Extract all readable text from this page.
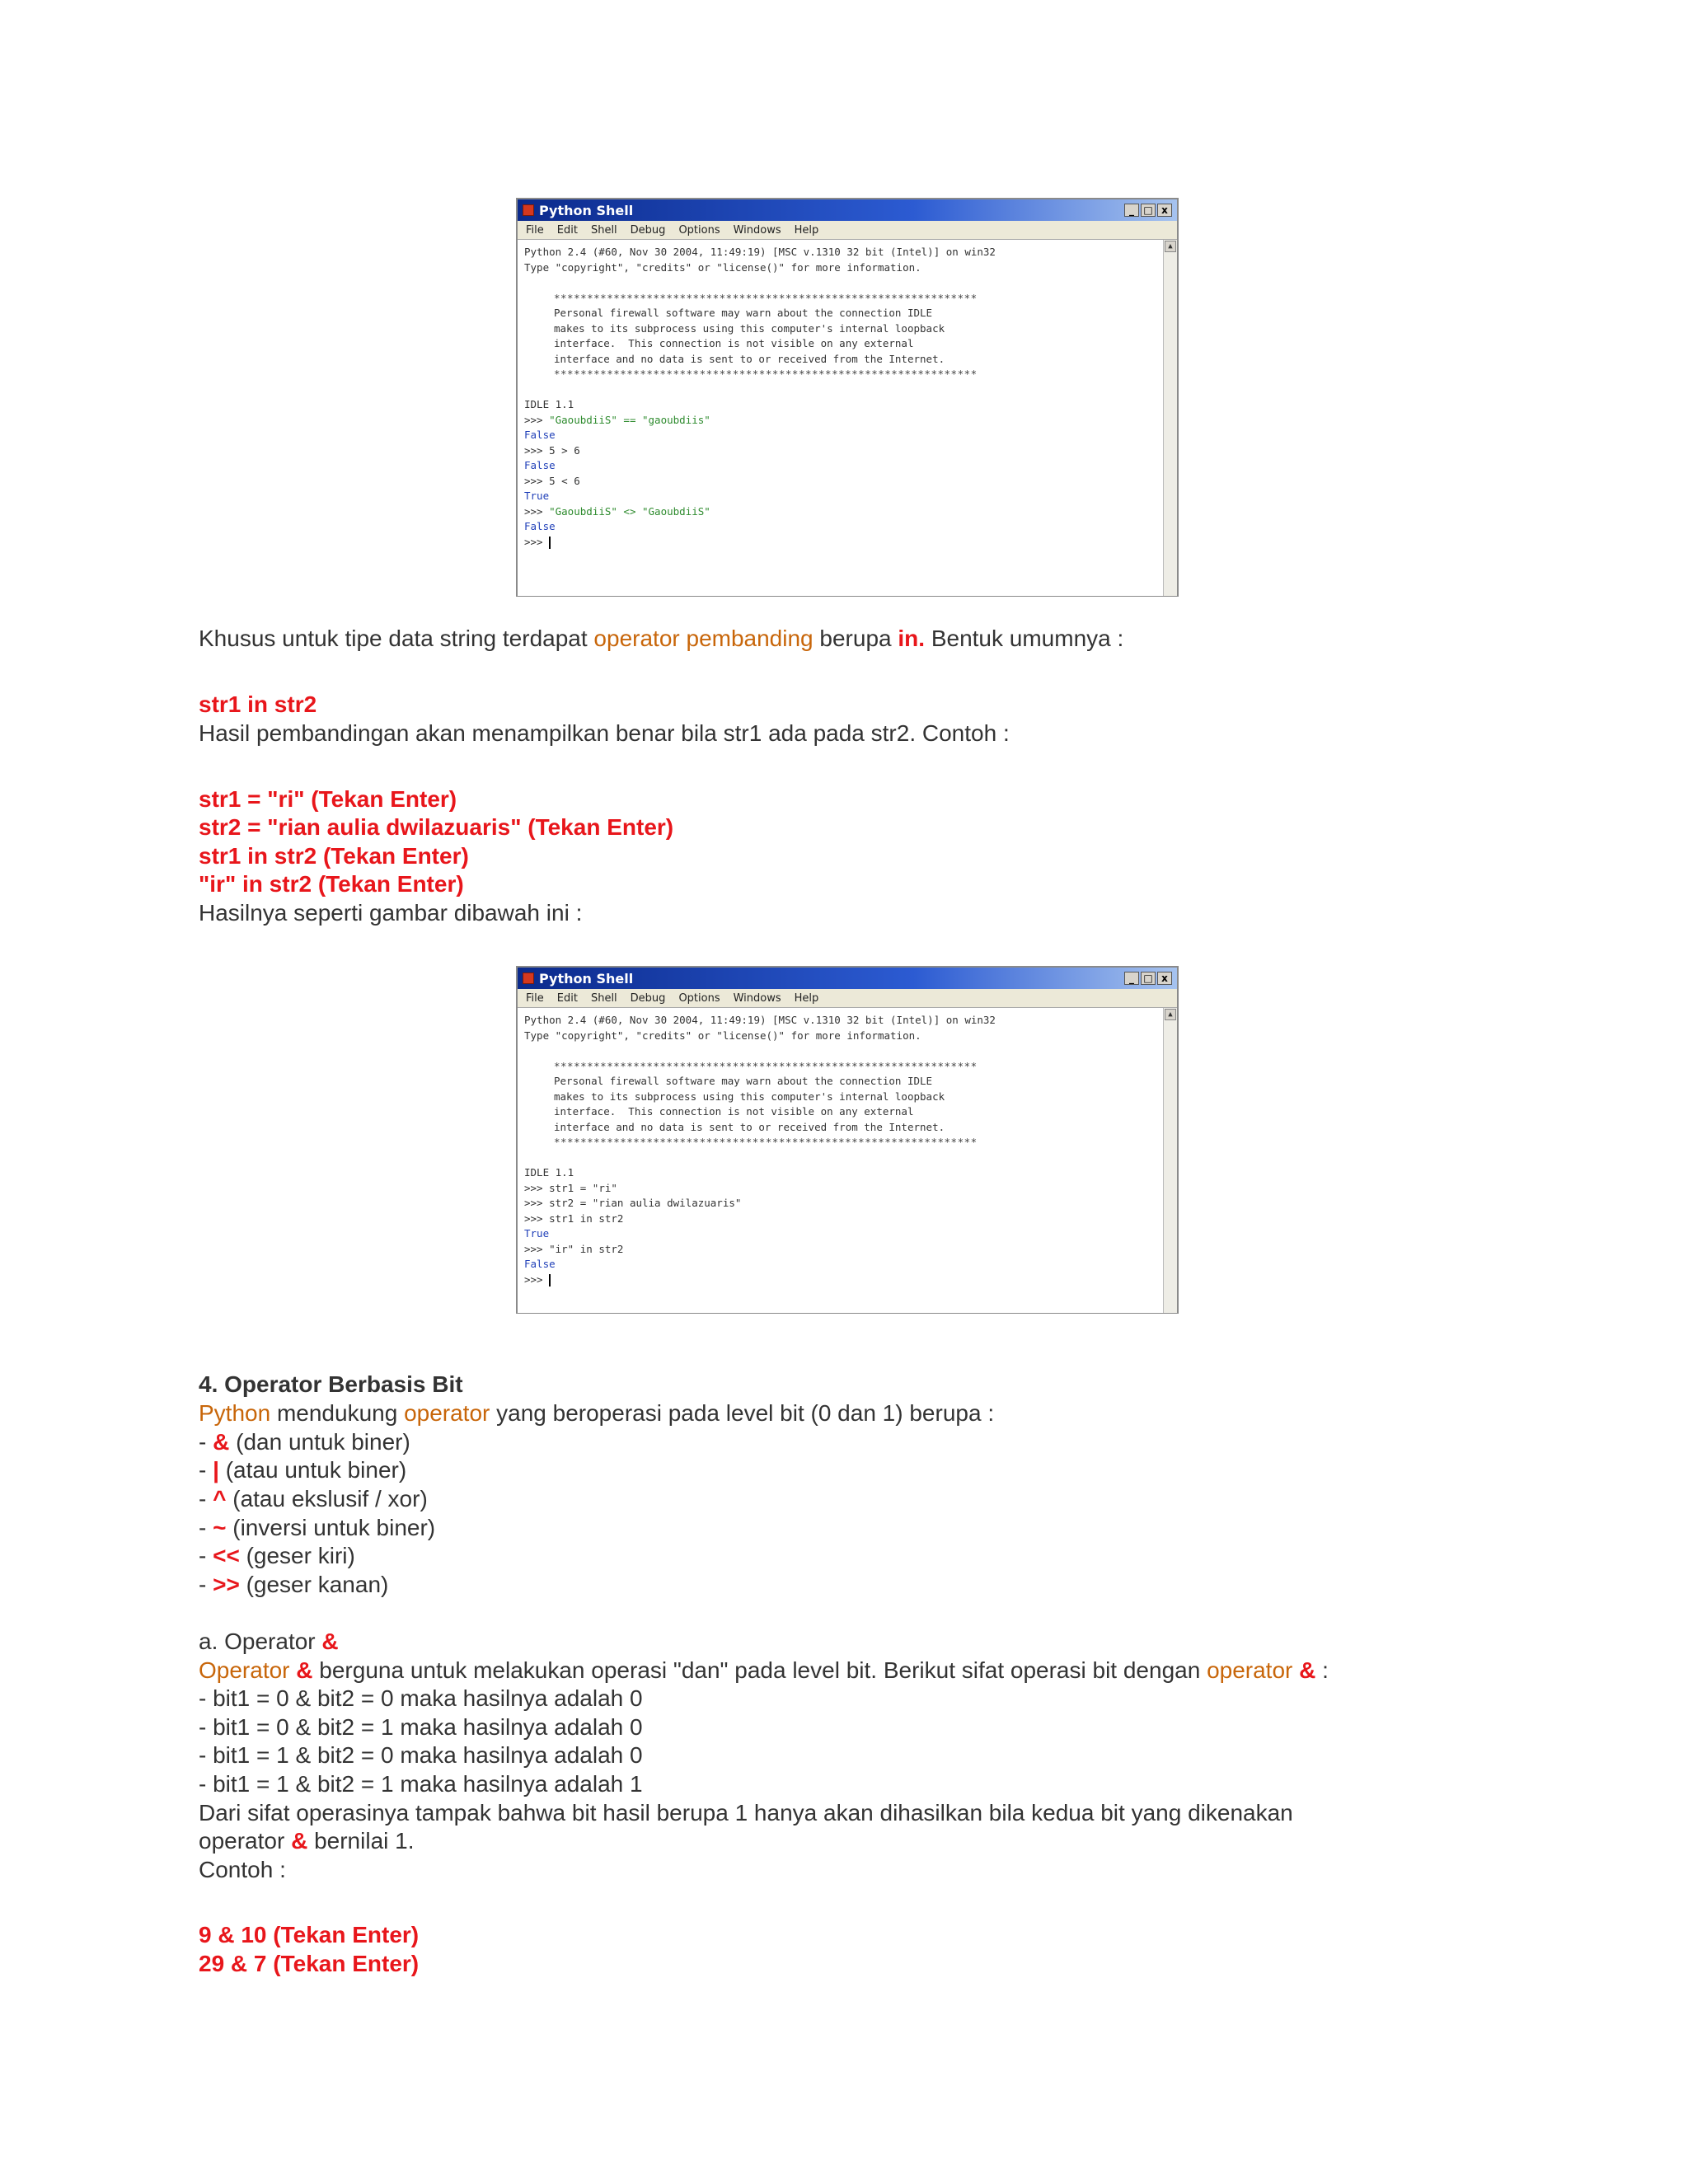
Python Shell	_ □ x
File Edit Shell Debug Options Windows Help
▲
Python 2.4 (#60, Nov 30 2004, 11:49:19) [MSC v.1310 32 bit (Intel)] on win32
Type "copyright", "credits" or "license()" for more information.
****************************************************************
Personal firewall software may warn about the connection IDLE
makes to its subprocess using this computer's internal loopback
interface.  This connection is not visible on any external
interface and no data is sent to or received from the Internet.
****************************************************************
IDLE 1.1
>>> "GaoubdiiS" == "gaoubdiis"
False
>>> 5 > 6
False
>>> 5 < 6
True
>>> "GaoubdiiS" <> "GaoubdiiS"
False
>>>
Khusus untuk tipe data string terdapat operator pembanding berupa in. Bentuk umumnya :
str1 in str2
Hasil pembandingan akan menampilkan benar bila str1 ada pada str2. Contoh :
str1 = "ri" (Tekan Enter)
str2 = "rian aulia dwilazuaris" (Tekan Enter)
str1 in str2 (Tekan Enter)
"ir" in str2 (Tekan Enter)
Hasilnya seperti gambar dibawah ini :
Python Shell	_ □ x
File Edit Shell Debug Options Windows Help
▲
Python 2.4 (#60, Nov 30 2004, 11:49:19) [MSC v.1310 32 bit (Intel)] on win32
Type "copyright", "credits" or "license()" for more information.
****************************************************************
Personal firewall software may warn about the connection IDLE
makes to its subprocess using this computer's internal loopback
interface.  This connection is not visible on any external
interface and no data is sent to or received from the Internet.
****************************************************************
IDLE 1.1
>>> str1 = "ri"
>>> str2 = "rian aulia dwilazuaris"
>>> str1 in str2
True
>>> "ir" in str2
False
>>>
4. Operator Berbasis Bit
Python mendukung operator yang beroperasi pada level bit (0 dan 1) berupa :
- & (dan untuk biner)
- | (atau untuk biner)
- ^ (atau ekslusif / xor)
- ~ (inversi untuk biner)
- << (geser kiri)
- >> (geser kanan)
a. Operator &
Operator & berguna untuk melakukan operasi "dan" pada level bit. Berikut sifat operasi bit dengan operator & :
- bit1 = 0 & bit2 = 0 maka hasilnya adalah 0
- bit1 = 0 & bit2 = 1 maka hasilnya adalah 0
- bit1 = 1 & bit2 = 0 maka hasilnya adalah 0
- bit1 = 1 & bit2 = 1 maka hasilnya adalah 1
Dari sifat operasinya tampak bahwa bit hasil berupa 1 hanya akan dihasilkan bila kedua bit yang dikenakan
operator & bernilai 1.
Contoh :
9 & 10 (Tekan Enter)
29 & 7 (Tekan Enter)
